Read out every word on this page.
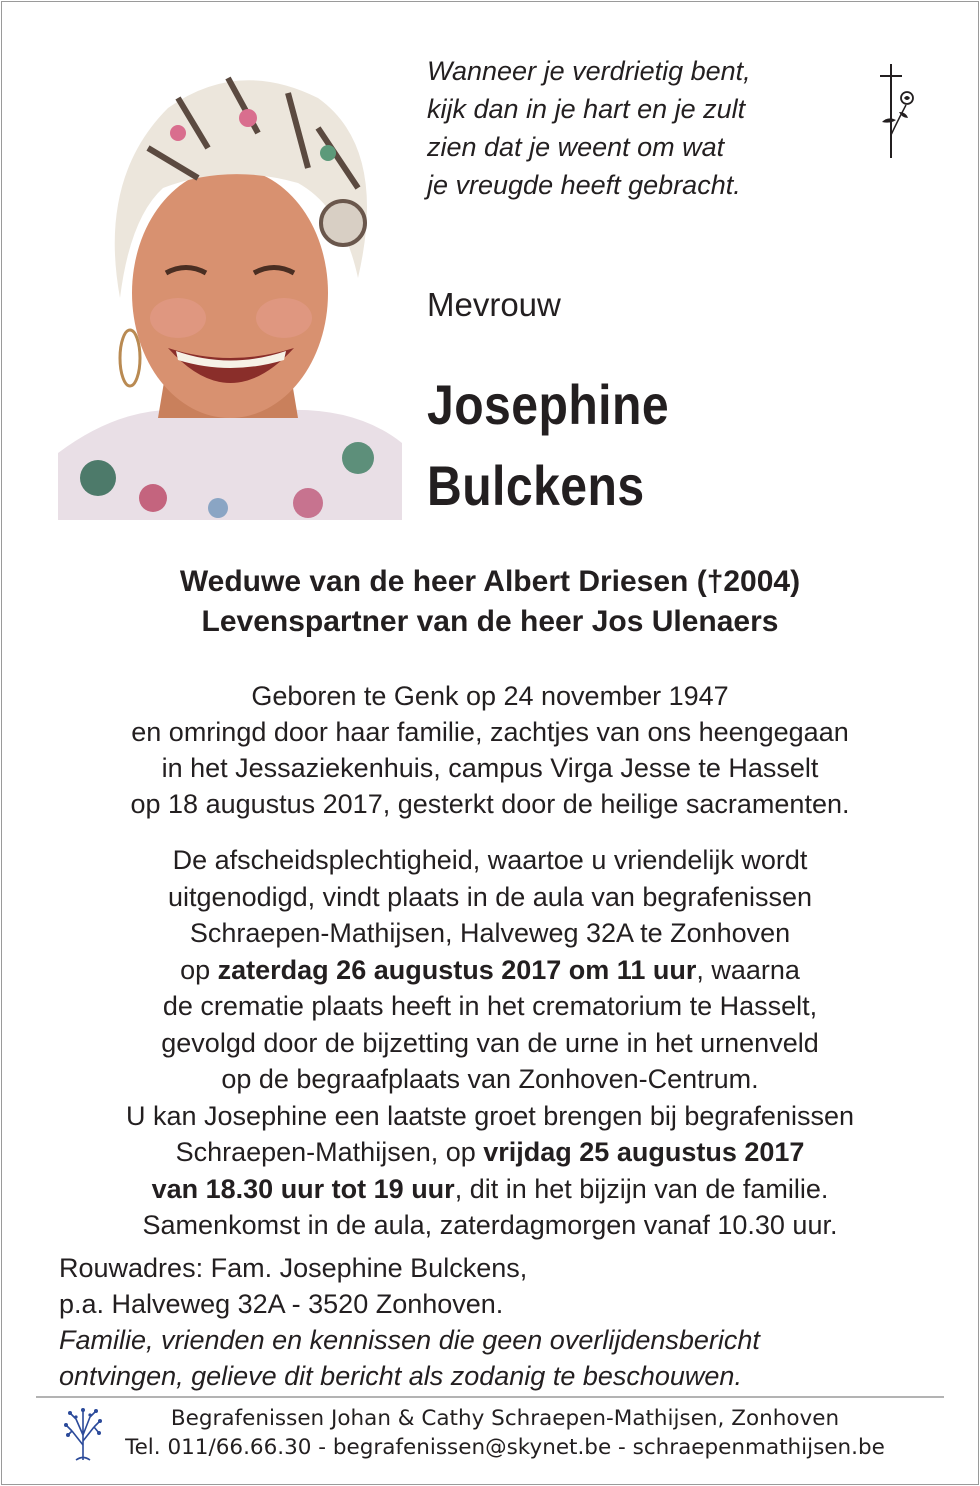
Wanneer je verdrietig bent,
kijk dan in je hart en je zult
zien dat je weent om wat
je vreugde heeft gebracht.
Mevrouw
Josephine
Bulckens
Weduwe van de heer Albert Driesen (†2004)
Levenspartner van de heer Jos Ulenaers
Geboren te Genk op 24 november 1947
en omringd door haar familie, zachtjes van ons heengegaan
in het Jessaziekenhuis, campus Virga Jesse te Hasselt
op 18 augustus 2017, gesterkt door de heilige sacramenten.
De afscheidsplechtigheid, waartoe u vriendelijk wordt
uitgenodigd, vindt plaats in de aula van begrafenissen
Schraepen-Mathijsen, Halveweg 32A te Zonhoven
op zaterdag 26 augustus 2017 om 11 uur, waarna
de crematie plaats heeft in het crematorium te Hasselt,
gevolgd door de bijzetting van de urne in het urnenveld
op de begraafplaats van Zonhoven-Centrum.
U kan Josephine een laatste groet brengen bij begrafenissen
Schraepen-Mathijsen, op vrijdag 25 augustus 2017
van 18.30 uur tot 19 uur, dit in het bijzijn van de familie.
Samenkomst in de aula, zaterdagmorgen vanaf 10.30 uur.
Rouwadres: Fam. Josephine Bulckens,
p.a. Halveweg 32A - 3520 Zonhoven.
Familie, vrienden en kennissen die geen overlijdensbericht
ontvingen, gelieve dit bericht als zodanig te beschouwen.
Begrafenissen Johan & Cathy Schraepen-Mathijsen, Zonhoven
Tel. 011/66.66.30 - begrafenissen@skynet.be - schraepenmathijsen.be
